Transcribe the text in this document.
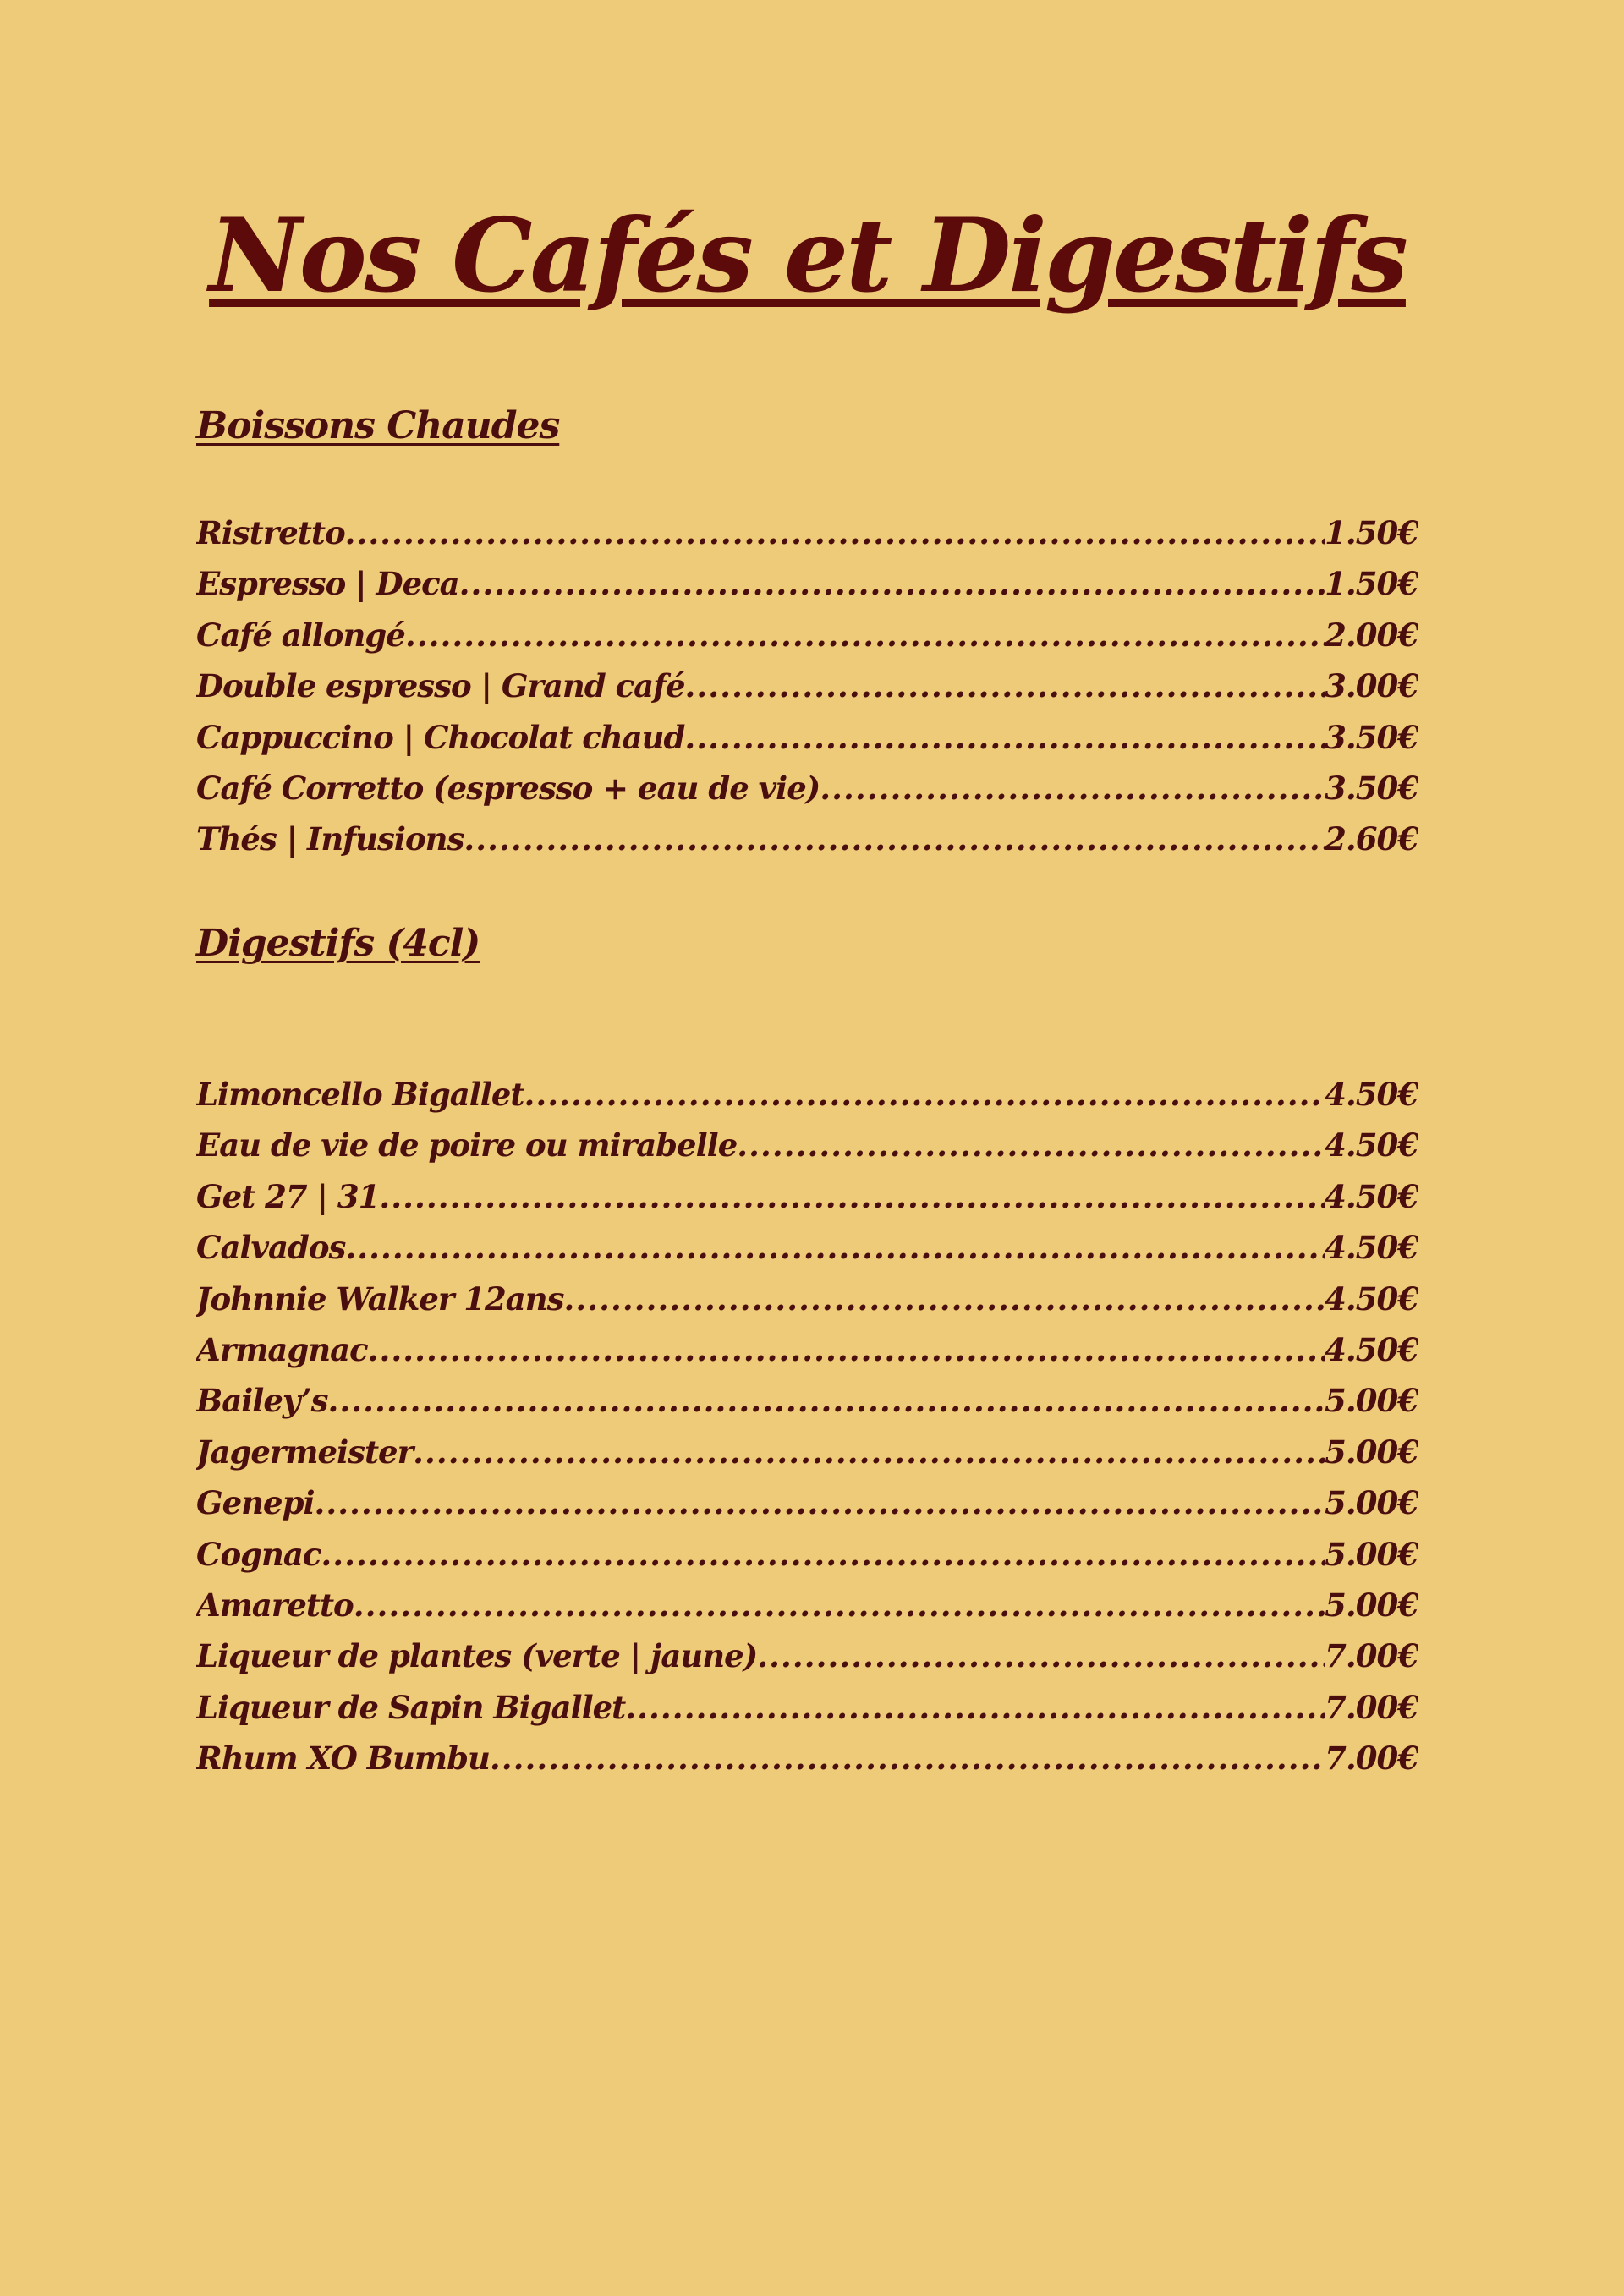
Nos Cafés et Digestifs
Boissons Chaudes
Ristretto .....	1.50€
Espresso | Deca .....	1.50€
Café allongé .....	2.00€
Double espresso | Grand café .....	3.00€
Cappuccino | Chocolat chaud .....	3.50€
Café Corretto (espresso + eau de vie) .....	3.50€
Thés | Infusions .....	2.60€
Digestifs (4cl)
Limoncello Bigallet .....	4.50€
Eau de vie de poire ou mirabelle .....	4.50€
Get 27 | 31 .....	4.50€
Calvados .....	4.50€
Johnnie Walker 12ans .....	4.50€
Armagnac .....	4.50€
Bailey’s .....	5.00€
Jagermeister .....	5.00€
Genepi .....	5.00€
Cognac .....	5.00€
Amaretto .....	5.00€
Liqueur de plantes (verte | jaune) .....	7.00€
Liqueur de Sapin Bigallet .....	7.00€
Rhum XO Bumbu .....	7.00€
